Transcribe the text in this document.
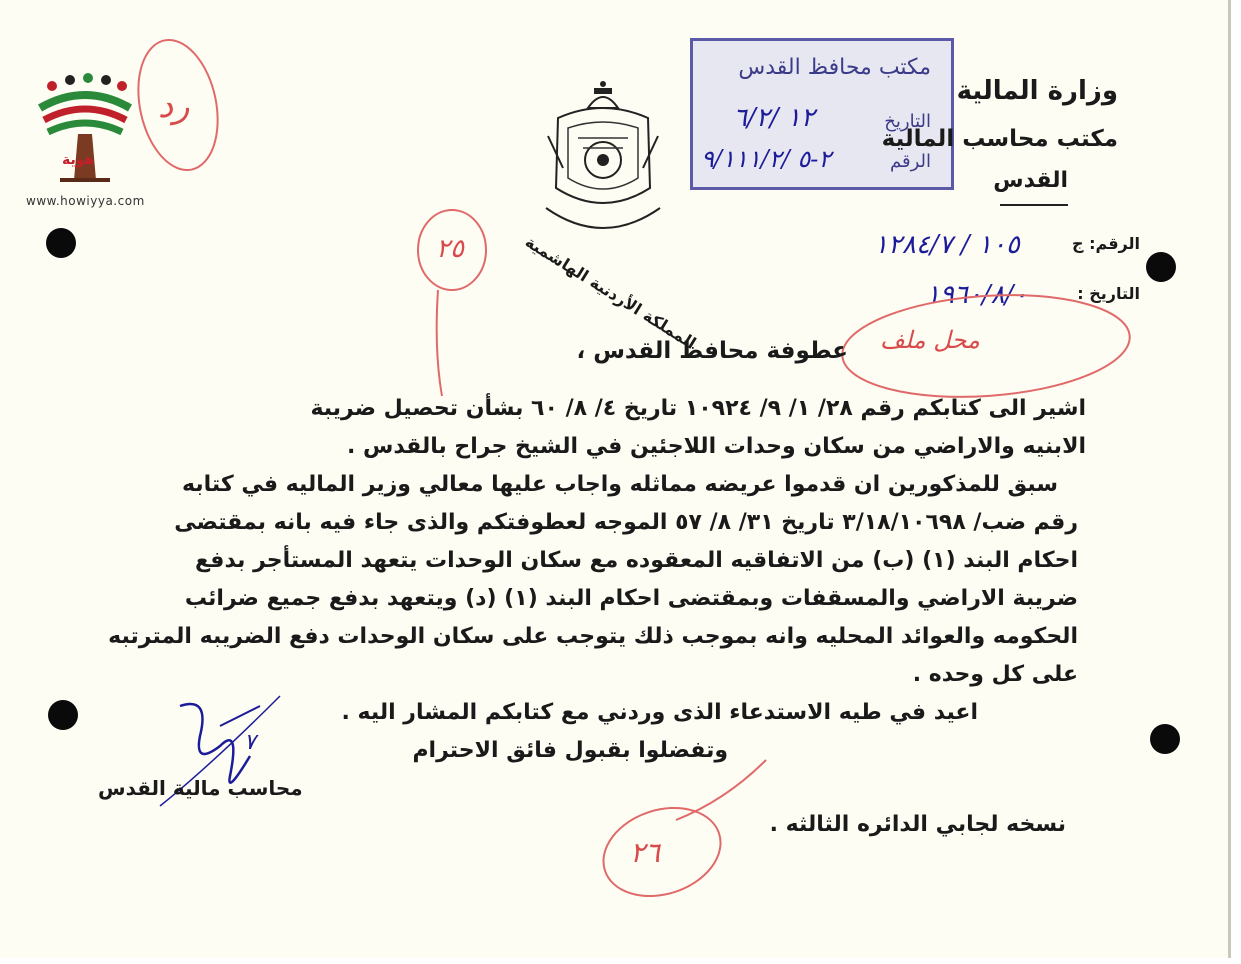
هوية
www.howiyya.com
رد
المملكة الأردنية الهاشمية
مكتب محافظ القدس
التاريخ
١٢ /٦/٢
الرقم
٢-٥ /٩/١١١/٢
وزارة المالية
مكتب محاسب المالية
القدس
الرقم: ج
١٠٥ / ١٢٨٤/٧
التاريخ :
١٩٦٠/٨/٠
٢٥
محل ملف
عطوفة محافظ القدس ،
اشير الى كتابكم رقم ٢٨/ ١/ ٩/ ١٠٩٢٤ تاريخ ٤/ ٨/ ٦٠ بشأن تحصيل ضريبة
الابنيه والاراضي من سكان وحدات اللاجئين في الشيخ جراح بالقدس .
سبق للمذكورين ان قدموا عريضه مماثله واجاب عليها معالي وزير الماليه في كتابه
رقم ضب/ ٣/١٨/١٠٦٩٨ تاريخ ٣١/ ٨/ ٥٧ الموجه لعطوفتكم والذى جاء فيه بانه بمقتضى
احكام البند (١) (ب) من الاتفاقيه المعقوده مع سكان الوحدات يتعهد المستأجر بدفع
ضريبة الاراضي والمسقفات وبمقتضى احكام البند (١) (د) ويتعهد بدفع جميع ضرائب
الحكومه والعوائد المحليه وانه بموجب ذلك يتوجب على سكان الوحدات دفع الضريبه المترتبه
على كل وحده .
اعيد في طيه الاستدعاء الذى وردني مع كتابكم المشار اليه .
وتفضلوا بقبول فائق الاحترام
٧
محاسب مالية القدس
٢٦
نسخه لجابي الدائره الثالثه .
